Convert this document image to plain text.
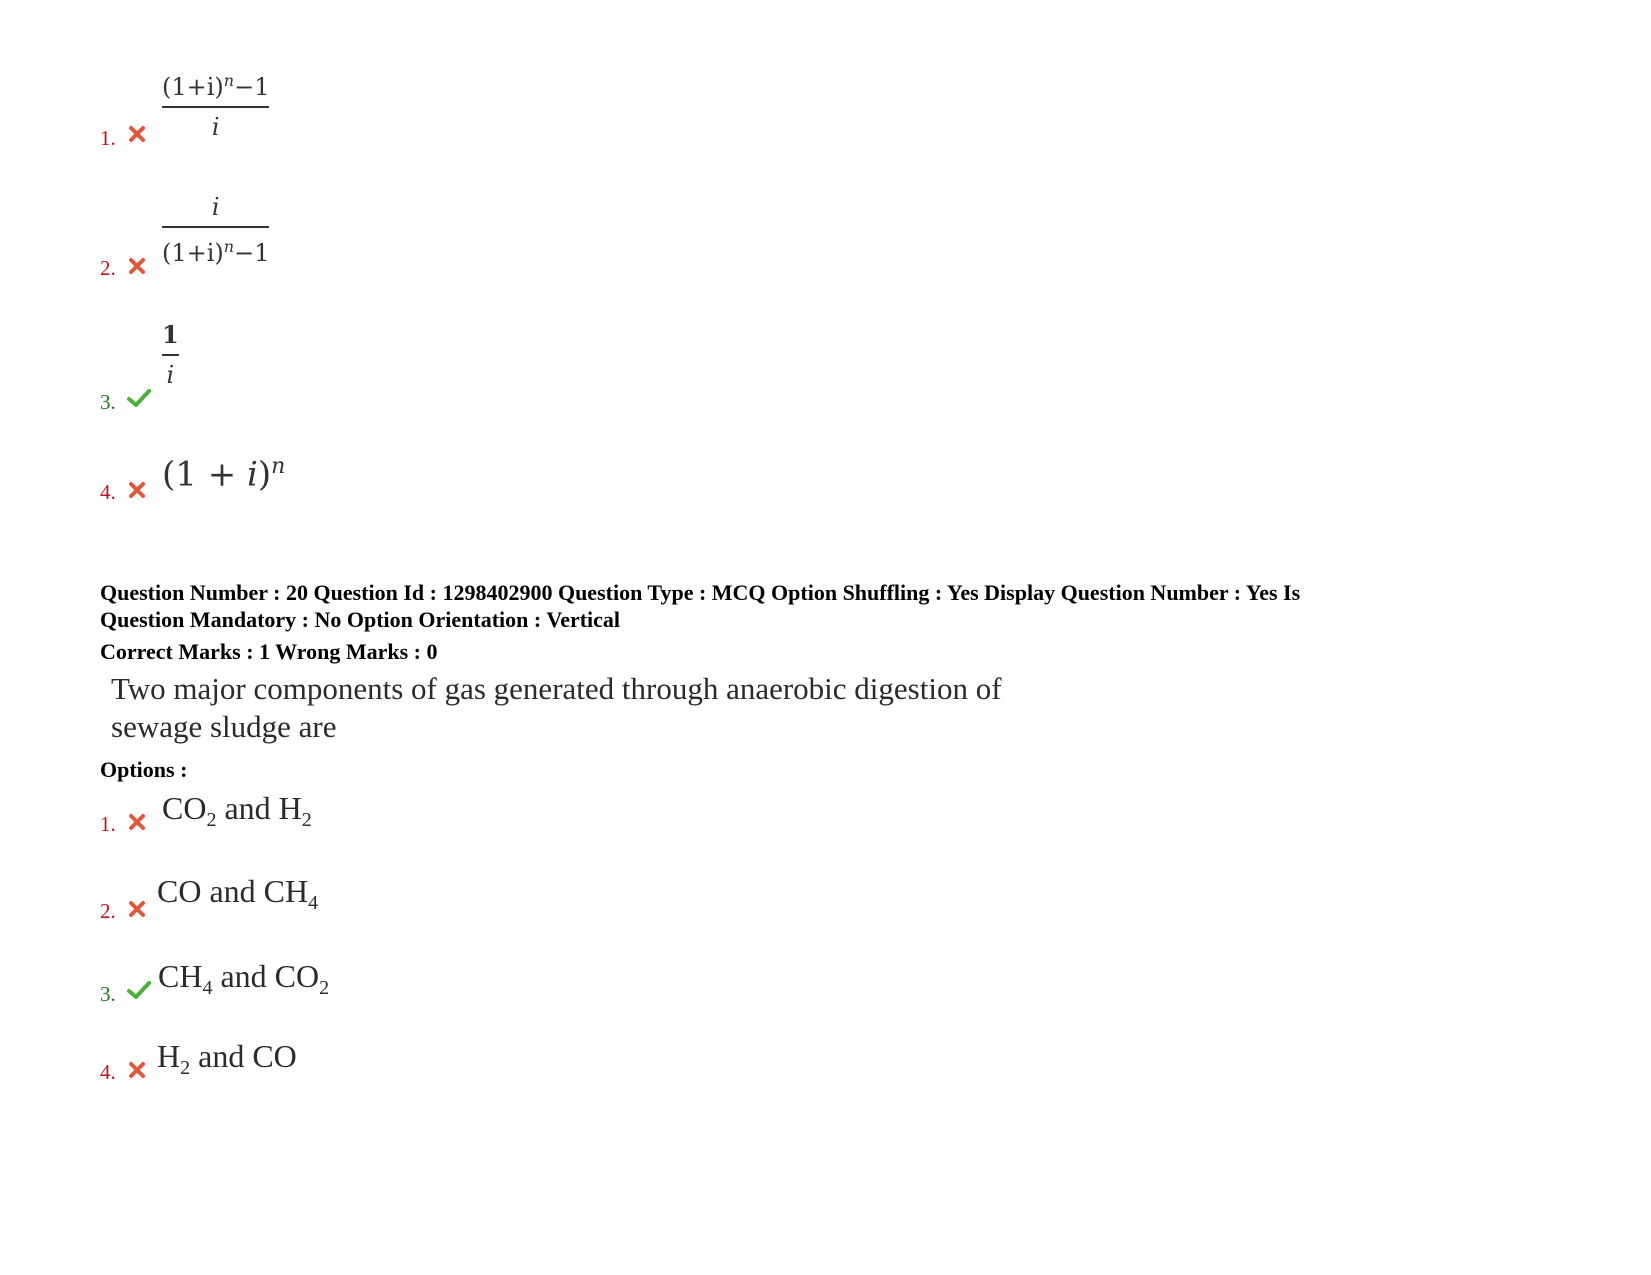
1. $\frac{(1+i)^n-1}{i}$
2. $\frac{i}{(1+i)^n-1}$
3.
$\frac{1}{i}$
4. $(1 + i)^n$
Question Number : 20 Question Id : 1298402900 Question Type : MCQ Option Shuffling : Yes Display Question Number : Yes Is
Question Mandatory : No Option Orientation : Vertical
Correct Marks : 1 Wrong Marks : 0
Two major components of gas generated through anaerobic digestion of
sewage sludge are
Options :
1. $CO_2$ and $H_2$
2.
CO and $CH_4$
3. $CH_4$ and $CO_2$
4. $H_2$ and CO
